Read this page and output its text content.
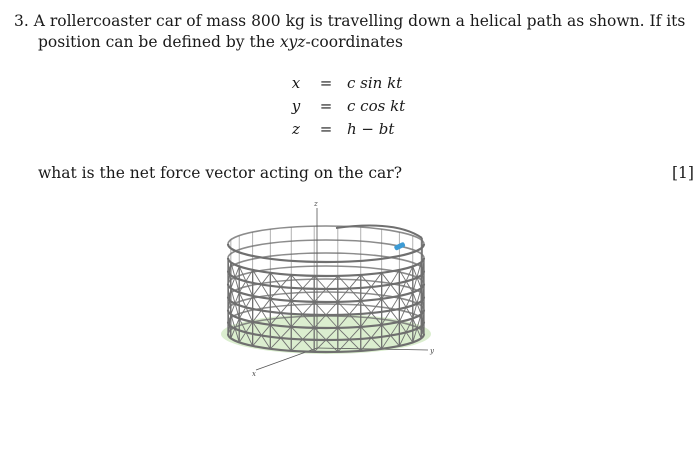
3. A rollercoaster car of mass 800 kg is travelling down a helical path as shown. If its
position can be defined by the xyz-coordinates
x	= c sin kt
y	= c cos kt
z	= h − bt
what is the net force vector acting on the car?	[1]
z
y
x
